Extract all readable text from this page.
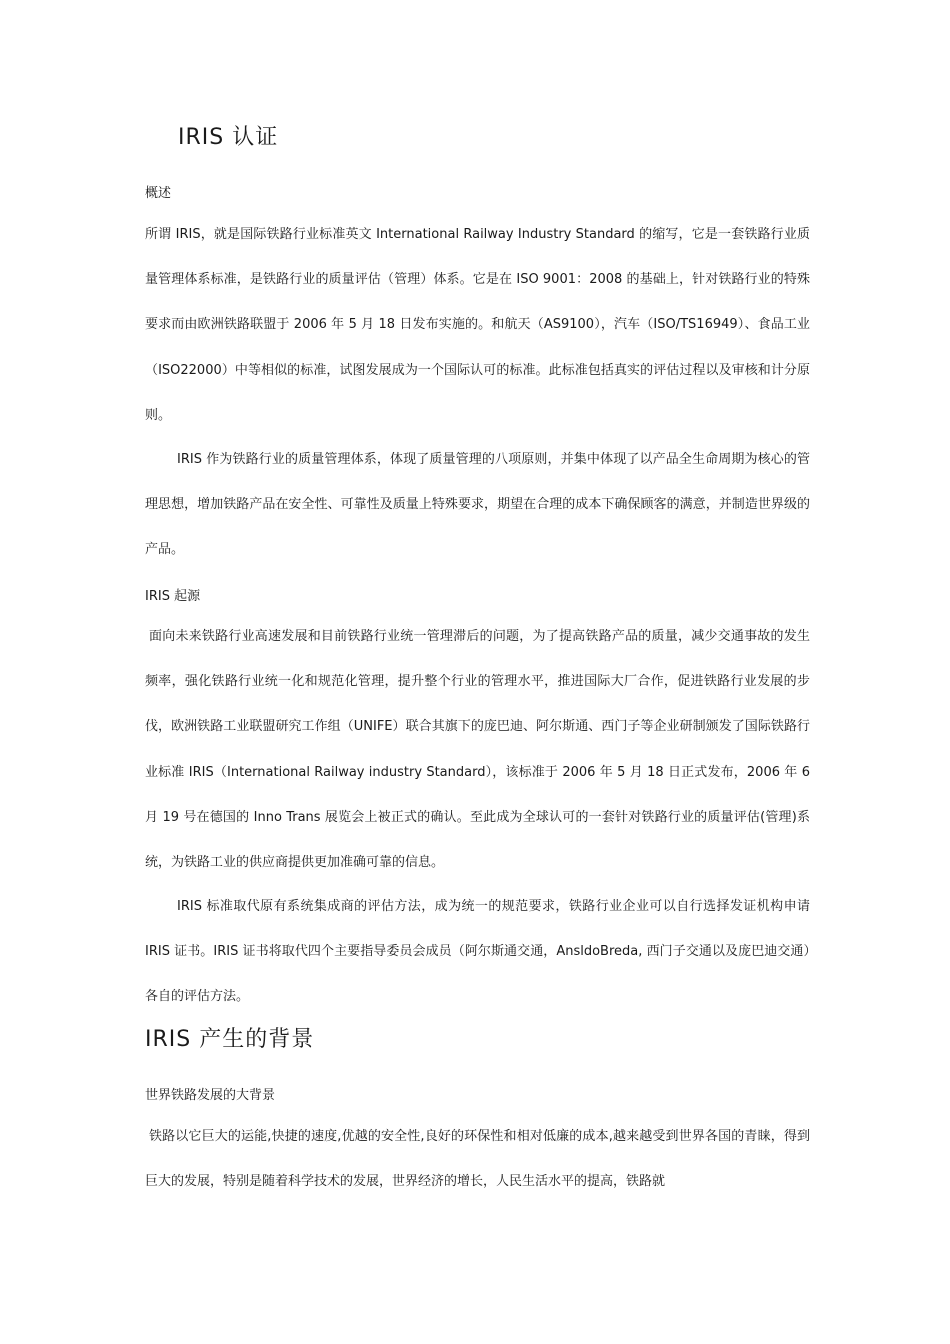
IRIS 认证

概述

所谓 IRIS，就是国际铁路行业标准英文 International Railway Industry Standard 的缩写，它是一套铁路行业质量管理体系标准，是铁路行业的质量评估（管理）体系。它是在 ISO 9001：2008 的基础上，针对铁路行业的特殊要求而由欧洲铁路联盟于 2006 年 5 月 18 日发布实施的。和航天（AS9100），汽车（ISO/TS16949）、食品工业（ISO22000）中等相似的标准，试图发展成为一个国际认可的标准。此标准包括真实的评估过程以及审核和计分原则。

IRIS 作为铁路行业的质量管理体系，体现了质量管理的八项原则，并集中体现了以产品全生命周期为核心的管理思想，增加铁路产品在安全性、可靠性及质量上特殊要求，期望在合理的成本下确保顾客的满意，并制造世界级的产品。

IRIS 起源

面向未来铁路行业高速发展和目前铁路行业统一管理滞后的问题，为了提高铁路产品的质量，减少交通事故的发生频率，强化铁路行业统一化和规范化管理，提升整个行业的管理水平，推进国际大厂合作，促进铁路行业发展的步伐，欧洲铁路工业联盟研究工作组（UNIFE）联合其旗下的庞巴迪、阿尔斯通、西门子等企业研制颁发了国际铁路行业标准 IRIS（International Railway industry Standard），该标准于 2006 年 5 月 18 日正式发布，2006 年 6 月 19 号在德国的 Inno Trans 展览会上被正式的确认。至此成为全球认可的一套针对铁路行业的质量评估(管理)系统，为铁路工业的供应商提供更加准确可靠的信息。

IRIS 标准取代原有系统集成商的评估方法，成为统一的规范要求，铁路行业企业可以自行选择发证机构申请 IRIS 证书。IRIS 证书将取代四个主要指导委员会成员（阿尔斯通交通，AnsldoBreda, 西门子交通以及庞巴迪交通）各自的评估方法。

IRIS 产生的背景

世界铁路发展的大背景

铁路以它巨大的运能,快捷的速度,优越的安全性,良好的环保性和相对低廉的成本,越来越受到世界各国的青睐，得到巨大的发展，特别是随着科学技术的发展，世界经济的增长，人民生活水平的提高，铁路就
